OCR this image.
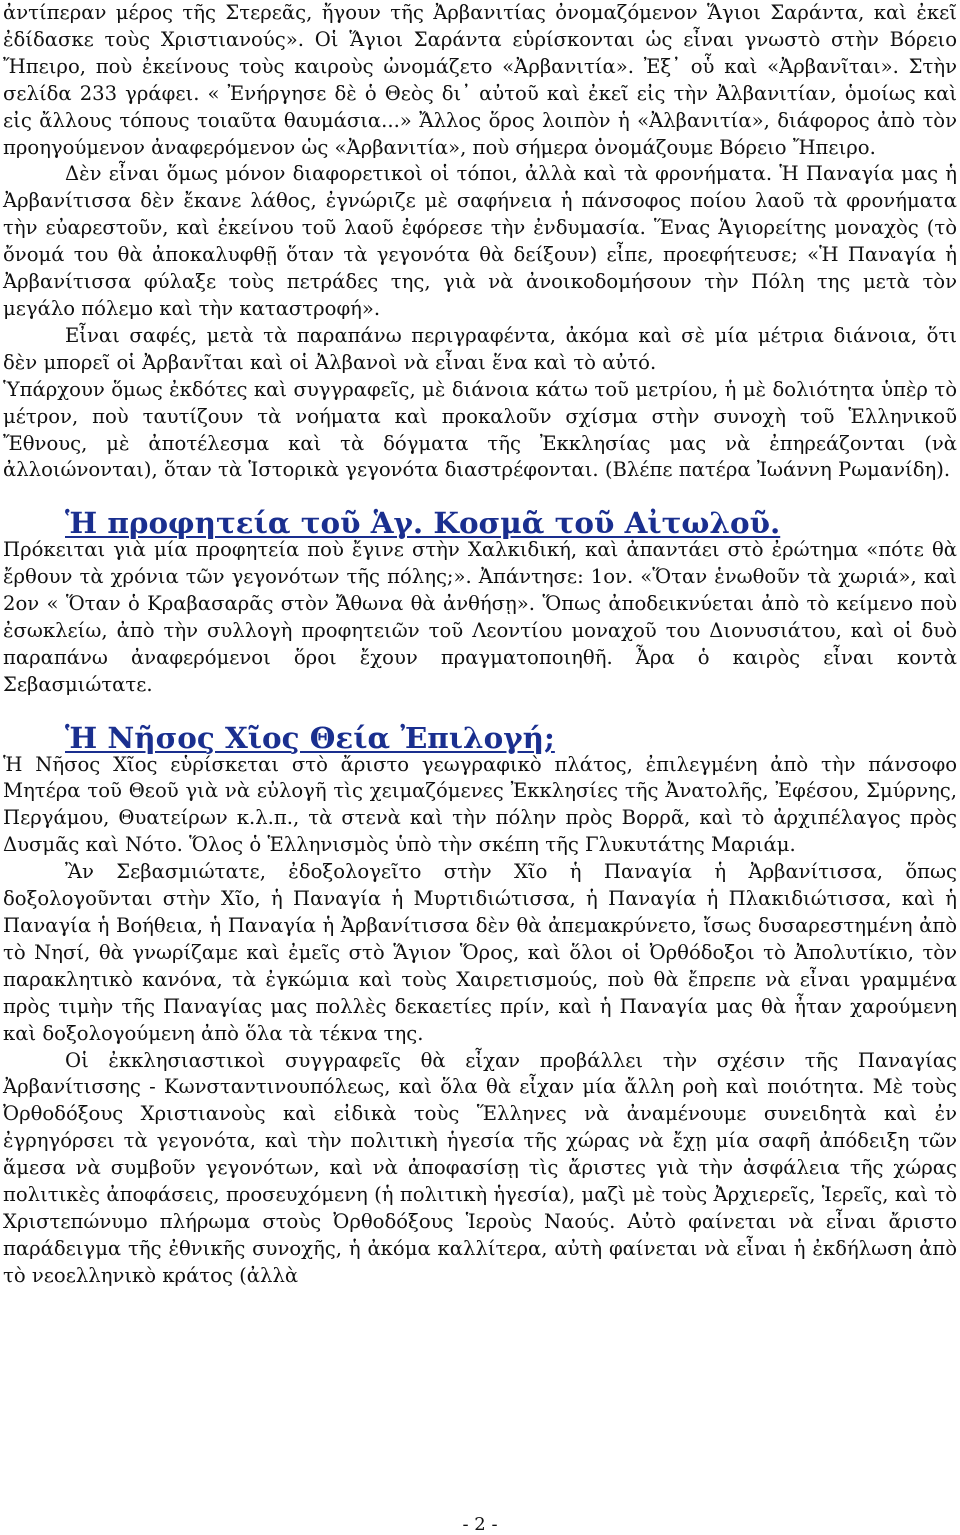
ἀντίπεραν μέρος τῆς Στερεᾶς, ἤγουν τῆς Ἀρβανιτίας ὀνομαζόμενον Ἅγιοι Σαράντα, καὶ ἐκεῖ ἐδίδασκε τοὺς Χριστιανούς». Οἱ Ἅγιοι Σαράντα εὑρίσκονται ὡς εἶναι γνωστὸ στὴν Βόρειο Ἤπειρο, ποὺ ἐκείνους τοὺς καιροὺς ὠνομάζετο «Ἀρβανιτία». Ἐξ᾽ οὗ καὶ «Ἀρβανῖται». Στὴν σελίδα 233 γράφει. « Ἐνήργησε δὲ ὁ Θεὸς δι᾽ αὐτοῦ καὶ ἐκεῖ εἰς τὴν Ἀλβανιτίαν, ὁμοίως καὶ εἰς ἄλλους τόπους τοιαῦτα θαυμάσια...» Ἄλλος ὅρος λοιπὸν ἡ «Ἀλβανιτία», διάφορος ἀπὸ τὸν προηγούμενον ἀναφερόμενον ὡς «Ἀρβανιτία», ποὺ σήμερα ὀνομάζουμε Βόρειο Ἤπειρο.

Δὲν εἶναι ὅμως μόνον διαφορετικοὶ οἱ τόποι, ἀλλὰ καὶ τὰ φρονήματα. Ἡ Παναγία μας ἡ Ἀρβανίτισσα δὲν ἔκανε λάθος, ἐγνώριζε μὲ σαφήνεια ἡ πάνσοφος ποίου λαοῦ τὰ φρονήματα τὴν εὐαρεστοῦν, καὶ ἐκείνου τοῦ λαοῦ ἐφόρεσε τὴν ἐνδυμασία. Ἕνας Ἁγιορείτης μοναχὸς (τὸ ὄνομά του θὰ ἀποκαλυφθῇ ὅταν τὰ γεγονότα θὰ δείξουν) εἶπε, προεφήτευσε; «Ἡ Παναγία ἡ Ἀρβανίτισσα φύλαξε τοὺς πετράδες της, γιὰ νὰ ἀνοικοδομήσουν τὴν Πόλη της μετὰ τὸν μεγάλο πόλεμο καὶ τὴν καταστροφή».

Εἶναι σαφές, μετὰ τὰ παραπάνω περιγραφέντα, ἀκόμα καὶ σὲ μία μέτρια διάνοια, ὅτι δὲν μπορεῖ οἱ Ἀρβανῖται καὶ οἱ Ἀλβανοὶ νὰ εἶναι ἕνα καὶ τὸ αὐτό.

Ὑπάρχουν ὅμως ἐκδότες καὶ συγγραφεῖς, μὲ διάνοια κάτω τοῦ μετρίου, ἡ μὲ δολιότητα ὑπὲρ τὸ μέτρον, ποὺ ταυτίζουν τὰ νοήματα καὶ προκαλοῦν σχίσμα στὴν συνοχὴ τοῦ Ἑλληνικοῦ Ἔθνους, μὲ ἀποτέλεσμα καὶ τὰ δόγματα τῆς Ἐκκλησίας μας νὰ ἐπηρεάζονται (νὰ ἀλλοιώνονται), ὅταν τὰ Ἱστορικὰ γεγονότα διαστρέφονται. (Βλέπε πατέρα Ἰωάννη Ρωμανίδη).

Ἡ προφητεία τοῦ Ἁγ. Κοσμᾶ τοῦ Αἰτωλοῦ.

Πρόκειται γιὰ μία προφητεία ποὺ ἔγινε στὴν Χαλκιδική, καὶ ἀπαντάει στὸ ἐρώτημα «πότε θὰ ἔρθουν τὰ χρόνια τῶν γεγονότων τῆς πόλης;». Ἀπάντησε: 1ον. «Ὅταν ἑνωθοῦν τὰ χωριά», καὶ 2ον « Ὅταν ὁ Κραβασαρᾶς στὸν Ἄθωνα θὰ ἀνθήσῃ». Ὅπως ἀποδεικνύεται ἀπὸ τὸ κείμενο ποὺ ἐσωκλείω, ἀπὸ τὴν συλλογὴ προφητειῶν τοῦ Λεοντίου μοναχοῦ του Διονυσιάτου, καὶ οἱ δυὸ παραπάνω ἀναφερόμενοι ὅροι ἔχουν πραγματοποιηθῆ. Ἆρα ὁ καιρὸς εἶναι κοντὰ Σεβασμιώτατε.

Ἡ Νῆσος Χῖος Θεία Ἐπιλογή;

Ἡ Νῆσος Χῖος εὑρίσκεται στὸ ἄριστο γεωγραφικὸ πλάτος, ἐπιλεγμένη ἀπὸ τὴν πάνσοφο Μητέρα τοῦ Θεοῦ γιὰ νὰ εὐλογῆ τὶς χειμαζόμενες Ἐκκλησίες τῆς Ἀνατολῆς, Ἐφέσου, Σμύρνης, Περγάμου, Θυατείρων κ.λ.π., τὰ στενὰ καὶ τὴν πόλην πρὸς Βορρᾶ, καὶ τὸ ἀρχιπέλαγος πρὸς Δυσμᾶς καὶ Νότο. Ὅλος ὁ Ἑλληνισμὸς ὑπὸ τὴν σκέπη τῆς Γλυκυτάτης Μαριάμ.

Ἂν Σεβασμιώτατε, ἐδοξολογεῖτο στὴν Χῖο ἡ Παναγία ἡ Ἀρβανίτισσα, ὅπως δοξολογοῦνται στὴν Χῖο, ἡ Παναγία ἡ Μυρτιδιώτισσα, ἡ Παναγία ἡ Πλακιδιώτισσα, καὶ ἡ Παναγία ἡ Βοήθεια, ἡ Παναγία ἡ Ἀρβανίτισσα δὲν θὰ ἀπεμακρύνετο, ἴσως δυσαρεστημένη ἀπὸ τὸ Νησί, θὰ γνωρίζαμε καὶ ἐμεῖς στὸ Ἅγιον Ὅρος, καὶ ὅλοι οἱ Ὀρθόδοξοι τὸ Ἀπολυτίκιο, τὸν παρακλητικὸ κανόνα, τὰ ἐγκώμια καὶ τοὺς Χαιρετισμούς, ποὺ θὰ ἔπρεπε νὰ εἶναι γραμμένα πρὸς τιμὴν τῆς Παναγίας μας πολλὲς δεκαετίες πρίν, καὶ ἡ Παναγία μας θὰ ἦταν χαρούμενη καὶ δοξολογούμενη ἀπὸ ὅλα τὰ τέκνα της.

Οἱ ἐκκλησιαστικοὶ συγγραφεῖς θὰ εἶχαν προβάλλει τὴν σχέσιν τῆς Παναγίας Ἀρβανίτισσης - Κωνσταντινουπόλεως, καὶ ὅλα θὰ εἶχαν μία ἄλλη ροὴ καὶ ποιότητα. Μὲ τοὺς Ὀρθοδόξους Χριστιανοὺς καὶ εἰδικὰ τοὺς Ἕλληνες νὰ ἀναμένουμε συνειδητὰ καὶ ἐν ἐγρηγόρσει τὰ γεγονότα, καὶ τὴν πολιτικὴ ἡγεσία τῆς χώρας νὰ ἔχῃ μία σαφῆ ἀπόδειξη τῶν ἅμεσα νὰ συμβοῦν γεγονότων, καὶ νὰ ἀποφασίσῃ τὶς ἄριστες γιὰ τὴν ἀσφάλεια τῆς χώρας πολιτικὲς ἀποφάσεις, προσευχόμενη (ἡ πολιτικὴ ἡγεσία), μαζὶ μὲ τοὺς Ἀρχιερεῖς, Ἱερεῖς, καὶ τὸ Χριστεπώνυμο πλήρωμα στοὺς Ὀρθοδόξους Ἱεροὺς Ναούς. Αὐτὸ φαίνεται νὰ εἶναι ἄριστο παράδειγμα τῆς ἐθνικῆς συνοχῆς, ἡ ἀκόμα καλλίτερα, αὐτὴ φαίνεται νὰ εἶναι ἡ ἐκδήλωση ἀπὸ τὸ νεοελληνικὸ κράτος (ἀλλὰ

- 2 -
